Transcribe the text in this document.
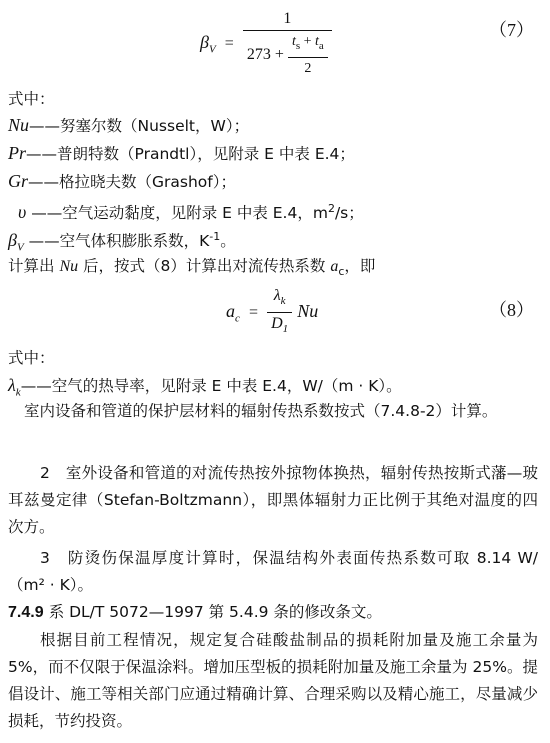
$\beta_V = \frac{1}{273 + \frac{t_s + t_a}{2}}$	（7）
式中：
Nu——努塞尔数（Nusselt，W）；
Pr——普朗特数（Prandtl），见附录 E 中表 E.4；
Gr——格拉晓夫数（Grashof）；
υ ——空气运动黏度，见附录 E 中表 E.4，$m^2/s$；
$\beta_V$ ——空气体积膨胀系数，$K^{-1}$。
计算出 Nu 后，按式（8）计算出对流传热系数 $a_c$，即
$a_c = \frac{\lambda_k}{D_1}$ Nu	（8）
式中：
$\lambda_k——$空气的热导率，见附录 E 中表 E.4，W/（m · K）。
室内设备和管道的保护层材料的辐射传热系数按式（7.4.8-2）计算。
2　室外设备和管道的对流传热按外掠物体换热，辐射传热按斯式藩—玻耳兹曼定律（Stefan-Boltzmann），即黑体辐射力正比例于其绝对温度的四次方。
3　防烫伤保温厚度计算时，保温结构外表面传热系数可取 8.14 W/（m² · K）。
7.4.9 系 DL/T 5072—1997 第 5.4.9 条的修改条文。
根据目前工程情况，规定复合硅酸盐制品的损耗附加量及施工余量为 5%，而不仅限于保温涂料。增加压型板的损耗附加量及施工余量为 25%。提倡设计、施工等相关部门应通过精确计算、合理采购以及精心施工，尽量减少损耗，节约投资。
